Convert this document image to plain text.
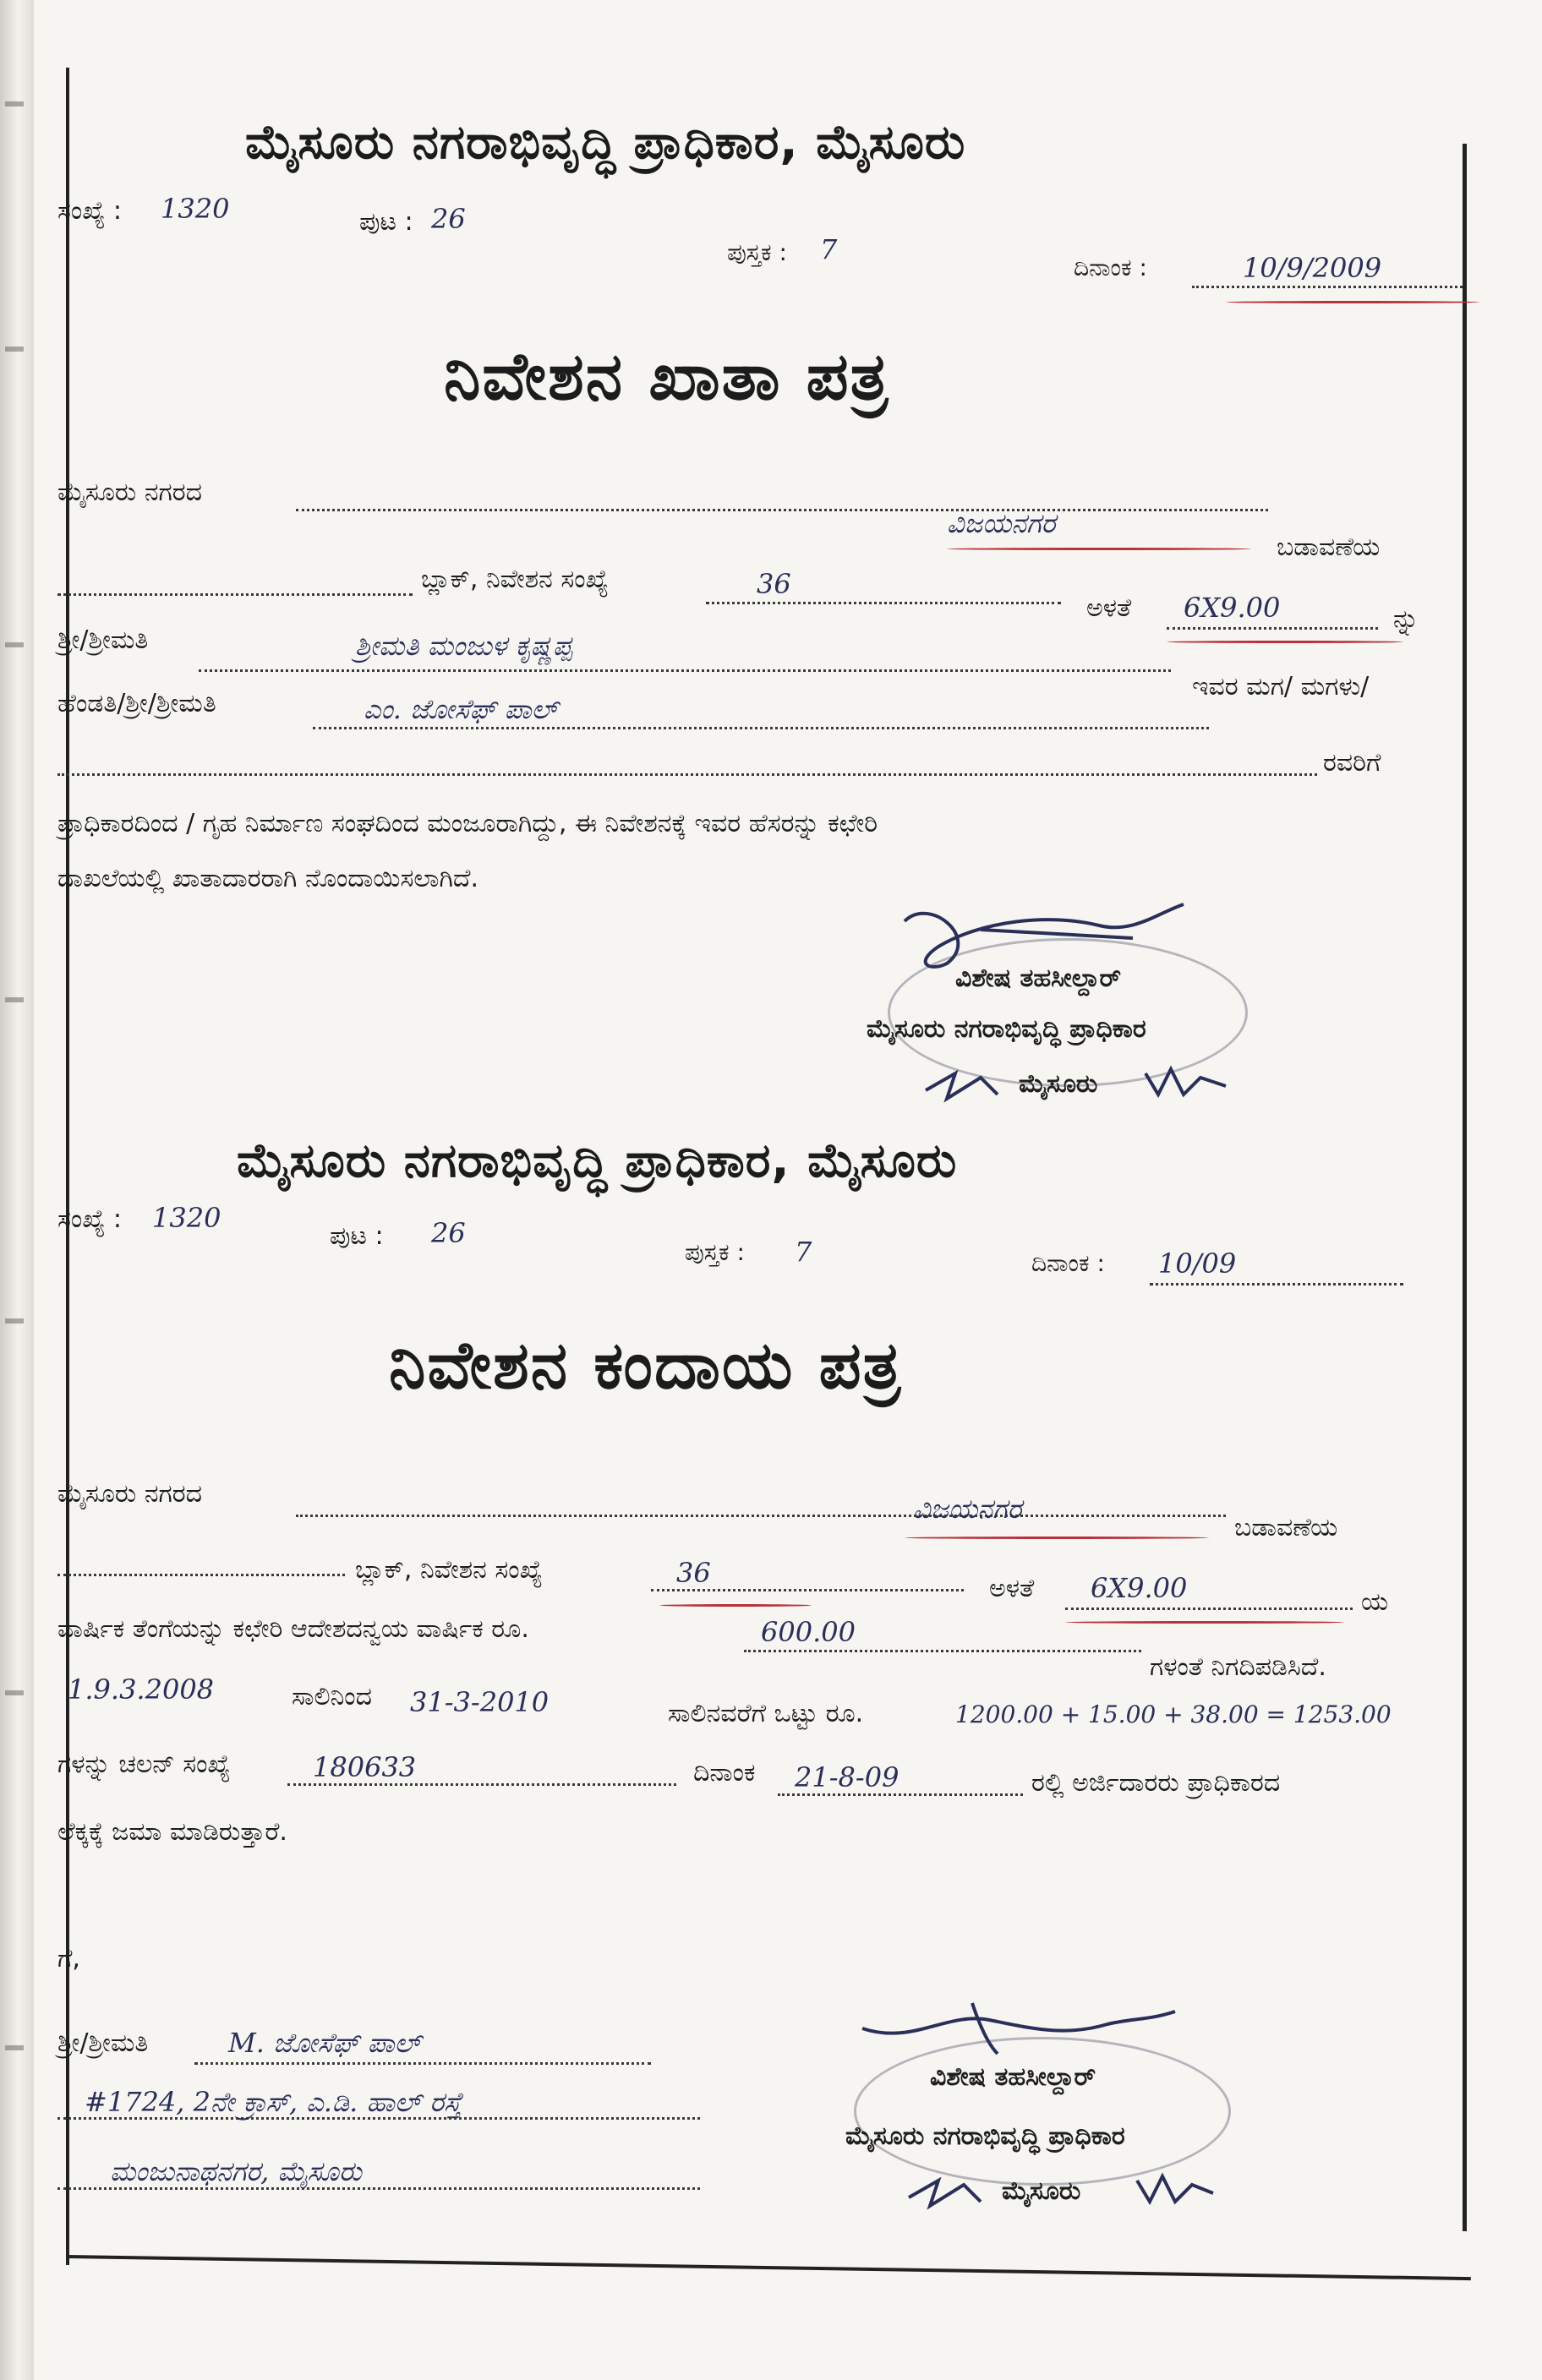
ಮೈಸೂರು ನಗರಾಭಿವೃದ್ಧಿ ಪ್ರಾಧಿಕಾರ, ಮೈಸೂರು
ಸಂಖ್ಯೆ : 1320	ಪುಟ : 26
ಪುಸ್ತಕ : 7
ದಿನಾಂಕ :	10/9/2009
ನಿವೇಶನ ಖಾತಾ ಪತ್ರ
ಮೈಸೂರು ನಗರದ
ವಿಜಯನಗರ
ಬಡಾವಣೆಯ
ಬ್ಲಾಕ್, ನಿವೇಶನ ಸಂಖ್ಯೆ	36
ಅಳತೆ 6X9.00	ನ್ನು
ಶ್ರೀ/ಶ್ರೀಮತಿ	ಶ್ರೀಮತಿ ಮಂಜುಳ ಕೃಷ್ಣಪ್ಪ
ಇವರ ಮಗ/ ಮಗಳು/
ಹೆಂಡತಿ/ಶ್ರೀ/ಶ್ರೀಮತಿ	ಎಂ. ಜೋಸೆಫ್ ಪಾಲ್
ರವರಿಗೆ
ಪ್ರಾಧಿಕಾರದಿಂದ / ಗೃಹ ನಿರ್ಮಾಣ ಸಂಘದಿಂದ ಮಂಜೂರಾಗಿದ್ದು, ಈ ನಿವೇಶನಕ್ಕೆ ಇವರ ಹೆಸರನ್ನು ಕಛೇರಿ
ದಾಖಲೆಯಲ್ಲಿ ಖಾತಾದಾರರಾಗಿ ನೊಂದಾಯಿಸಲಾಗಿದೆ.
ವಿಶೇಷ ತಹಸೀಲ್ದಾರ್
ಮೈಸೂರು ನಗರಾಭಿವೃದ್ಧಿ ಪ್ರಾಧಿಕಾರ
ಮೈಸೂರು
ಮೈಸೂರು ನಗರಾಭಿವೃದ್ಧಿ ಪ್ರಾಧಿಕಾರ, ಮೈಸೂರು
ಸಂಖ್ಯೆ : 1320
ಪುಟ : 26
ಪುಸ್ತಕ : 7	ದಿನಾಂಕ : 10/09
ನಿವೇಶನ ಕಂದಾಯ ಪತ್ರ
ಮೈಸೂರು ನಗರದ	ವಿಜಯನಗರ
ಬಡಾವಣೆಯ
ಬ್ಲಾಕ್, ನಿವೇಶನ ಸಂಖ್ಯೆ	36	ಅಳತೆ 6X9.00	ಯ
ವಾರ್ಷಿಕ ತೆಂಗೆಯನ್ನು ಕಛೇರಿ ಆದೇಶದನ್ವಯ ವಾರ್ಷಿಕ ರೂ.	600.00
ಗಳಂತೆ ನಿಗದಿಪಡಿಸಿದೆ.
1.9.3.2008	ಸಾಲಿನಿಂದ 31-3-2010	ಸಾಲಿನವರೆಗೆ ಒಟ್ಟು ರೂ.	1200.00 + 15.00 + 38.00 = 1253.00
ಗಳನ್ನು ಚಲನ್ ಸಂಖ್ಯೆ	180633	ದಿನಾಂಕ 21-8-09	ರಲ್ಲಿ ಅರ್ಜಿದಾರರು ಪ್ರಾಧಿಕಾರದ
ಲೆಕ್ಕಕ್ಕೆ ಜಮಾ ಮಾಡಿರುತ್ತಾರೆ.
ಗೆ,
ಶ್ರೀ/ಶ್ರೀಮತಿ	M. ಜೋಸೆಫ್ ಪಾಲ್
#1724, 2ನೇ ಕ್ರಾಸ್, ಎ.ಡಿ. ಹಾಲ್ ರಸ್ತೆ
ಮಂಜುನಾಥನಗರ, ಮೈಸೂರು
ವಿಶೇಷ ತಹಸೀಲ್ದಾರ್
ಮೈಸೂರು ನಗರಾಭಿವೃದ್ಧಿ ಪ್ರಾಧಿಕಾರ
ಮೈಸೂರು
